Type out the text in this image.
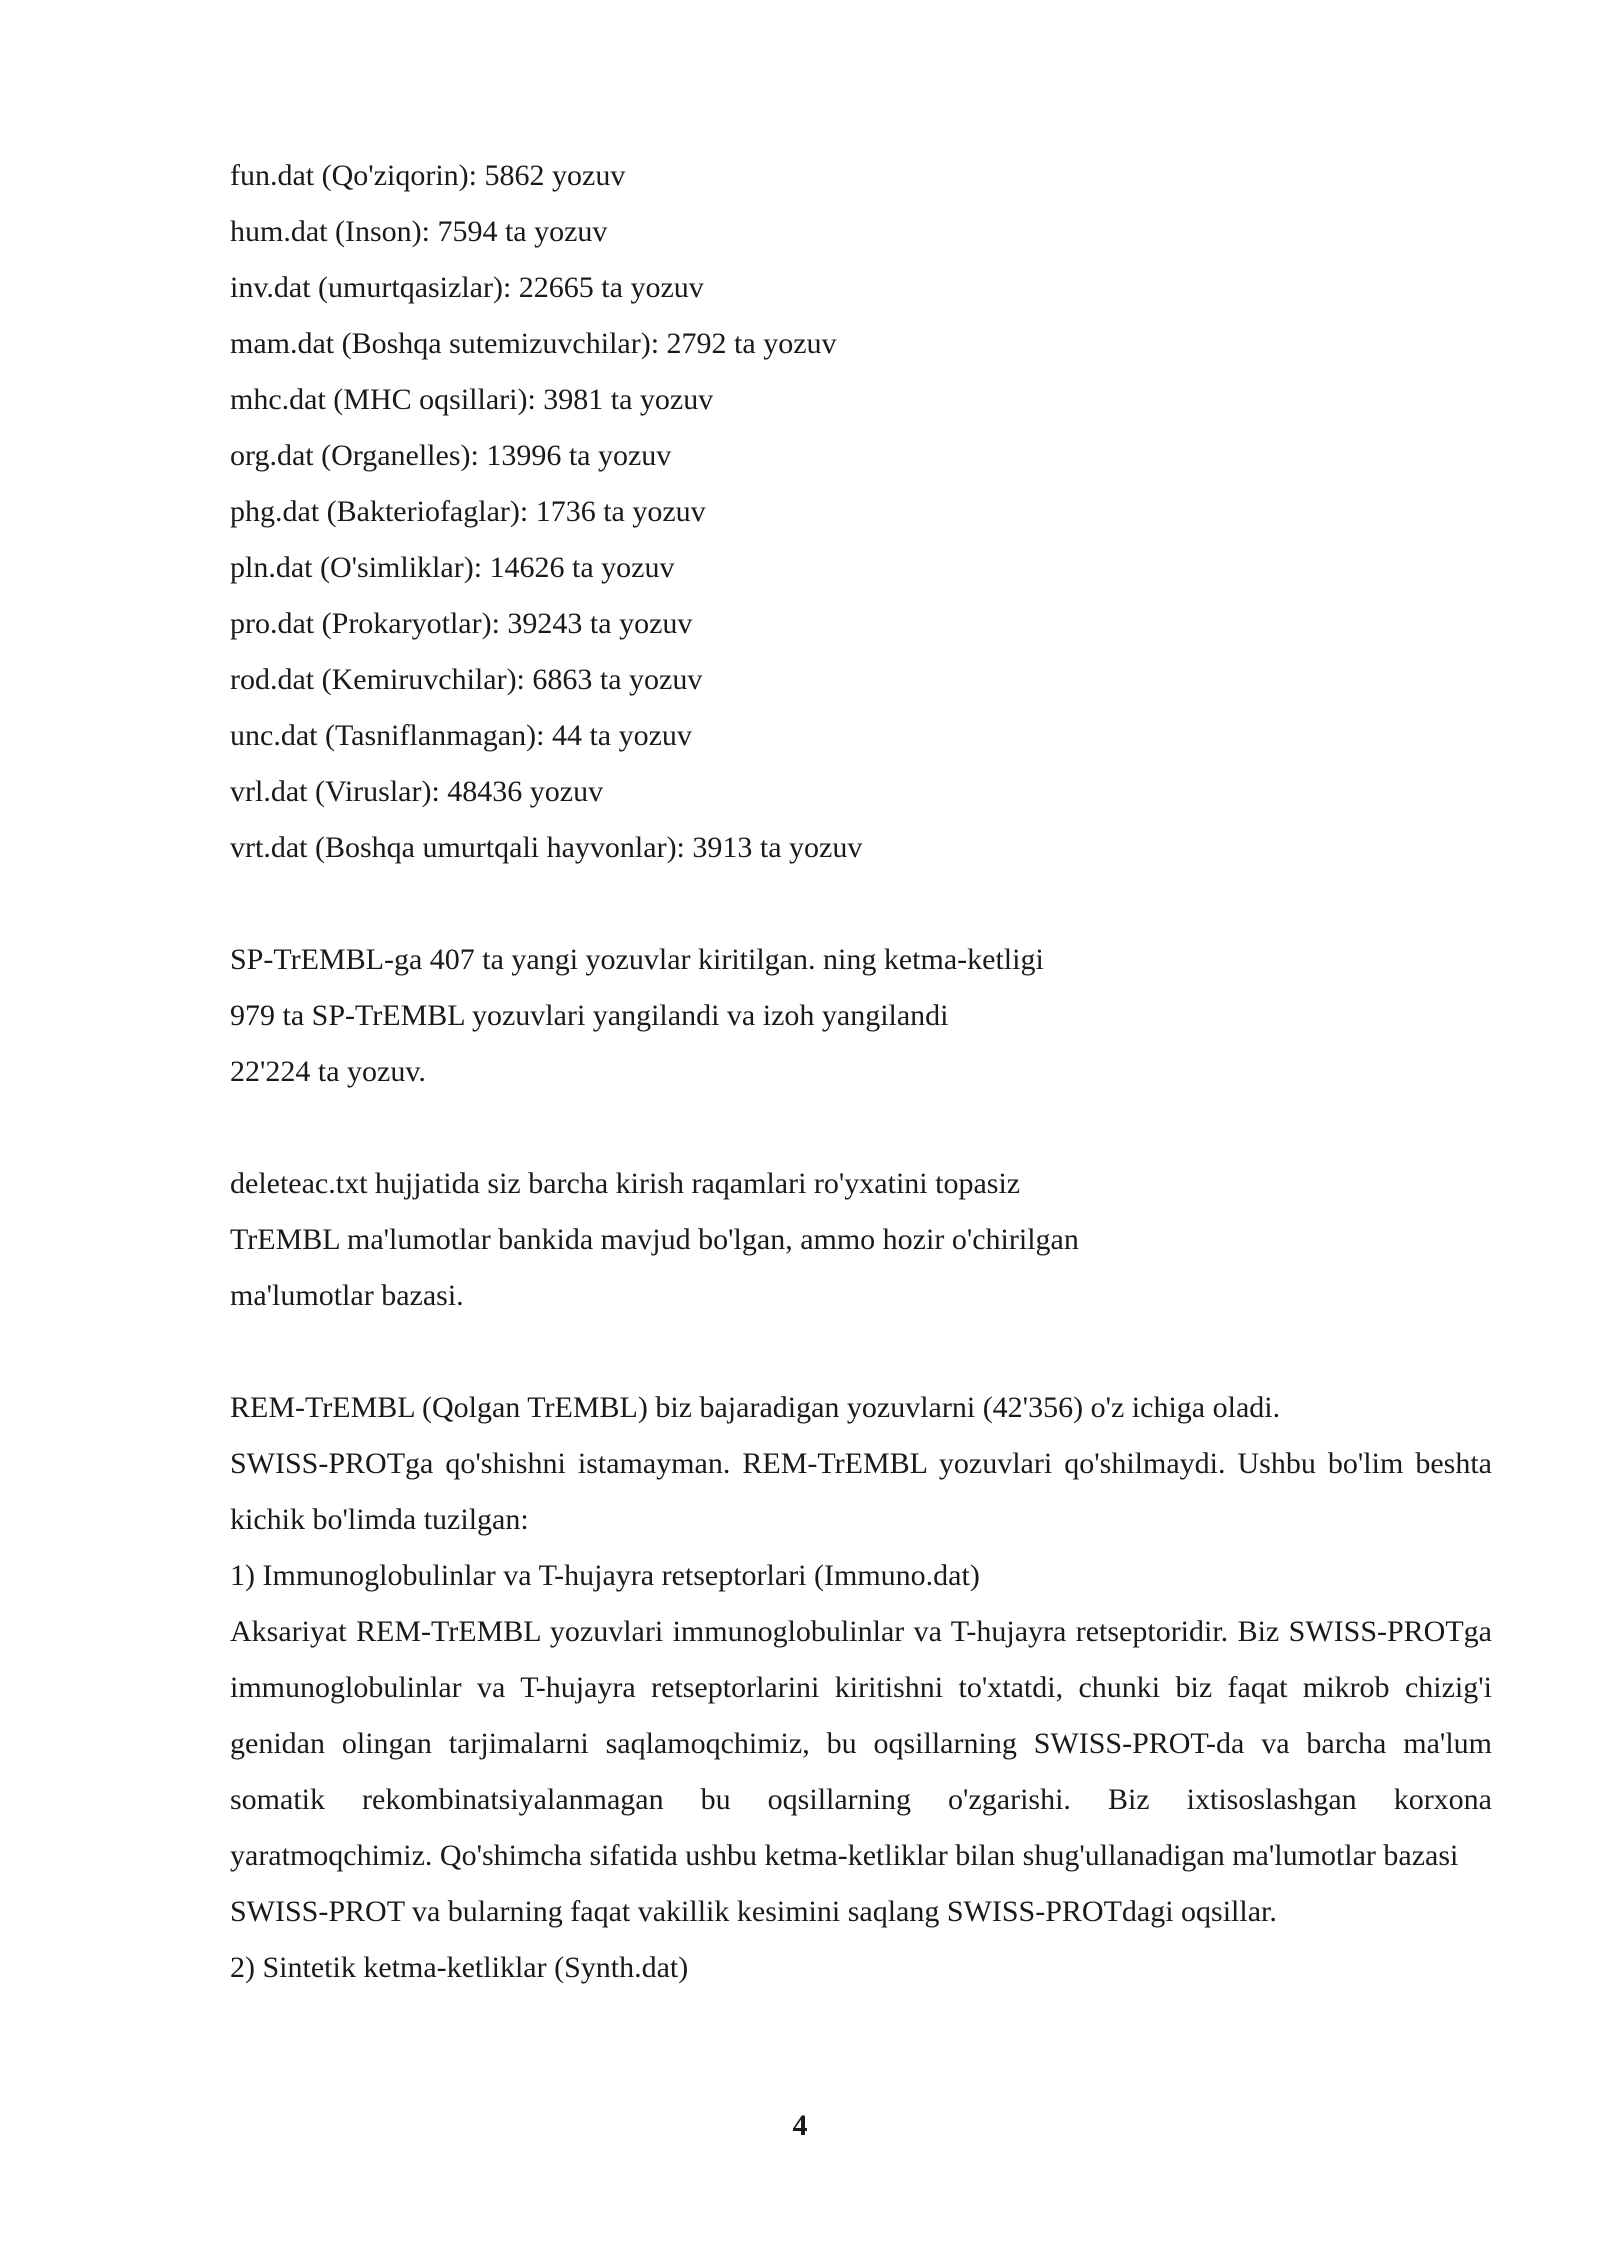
fun.dat (Qo'ziqorin): 5862 yozuv
hum.dat (Inson): 7594 ta yozuv
inv.dat (umurtqasizlar): 22665 ta yozuv
mam.dat (Boshqa sutemizuvchilar): 2792 ta yozuv
mhc.dat (MHC oqsillari): 3981 ta yozuv
org.dat (Organelles): 13996 ta yozuv
phg.dat (Bakteriofaglar): 1736 ta yozuv
pln.dat (O'simliklar): 14626 ta yozuv
pro.dat (Prokaryotlar): 39243 ta yozuv
rod.dat (Kemiruvchilar): 6863 ta yozuv
unc.dat (Tasniflanmagan): 44 ta yozuv
vrl.dat (Viruslar): 48436 yozuv
vrt.dat (Boshqa umurtqali hayvonlar): 3913 ta yozuv
SP-TrEMBL-ga 407 ta yangi yozuvlar kiritilgan. ning ketma-ketligi
979 ta SP-TrEMBL yozuvlari yangilandi va izoh yangilandi
22'224 ta yozuv.
deleteac.txt hujjatida siz barcha kirish raqamlari ro'yxatini topasiz
TrEMBL ma'lumotlar bankida mavjud bo'lgan, ammo hozir o'chirilgan
ma'lumotlar bazasi.
REM-TrEMBL (Qolgan TrEMBL) biz bajaradigan yozuvlarni (42'356) o'z ichiga oladi.
SWISS-PROTga qo'shishni istamayman. REM-TrEMBL yozuvlari qo'shilmaydi. Ushbu bo'lim beshta kichik bo'limda tuzilgan:
1) Immunoglobulinlar va T-hujayra retseptorlari (Immuno.dat)
Aksariyat REM-TrEMBL yozuvlari immunoglobulinlar va T-hujayra retseptoridir. Biz SWISS-PROTga immunoglobulinlar va T-hujayra retseptorlarini kiritishni to'xtatdi, chunki biz faqat mikrob chizig'i genidan olingan tarjimalarni saqlamoqchimiz, bu oqsillarning SWISS-PROT-da va barcha ma'lum somatik rekombinatsiyalanmagan bu oqsillarning o'zgarishi. Biz ixtisoslashgan korxona yaratmoqchimiz. Qo'shimcha sifatida ushbu ketma-ketliklar bilan shug'ullanadigan ma'lumotlar bazasi
SWISS-PROT va bularning faqat vakillik kesimini saqlang SWISS-PROTdagi oqsillar.
2) Sintetik ketma-ketliklar (Synth.dat)
4
